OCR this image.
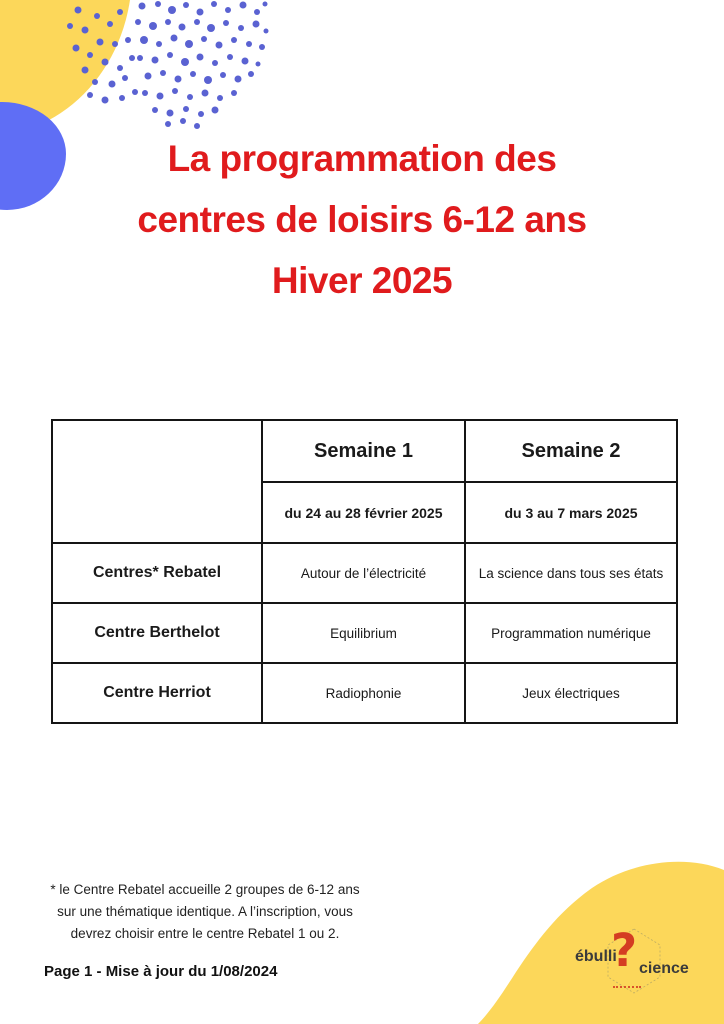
La programmation des
centres de loisirs 6-12 ans
Hiver 2025
	Semaine 1	Semaine 2
	du 24 au 28 février 2025	du 3 au 7 mars 2025
Centres* Rebatel	Autour de l’électricité	La science dans tous ses états
Centre Berthelot	Equilibrium	Programmation numérique
Centre Herriot	Radiophonie	Jeux électriques
* le Centre Rebatel accueille 2 groupes de 6-12 ans
sur une thématique identique. A l’inscription, vous
devrez choisir entre le centre Rebatel 1 ou 2.
Page 1 - Mise à jour du 1/08/2024
ébulli
? cience
